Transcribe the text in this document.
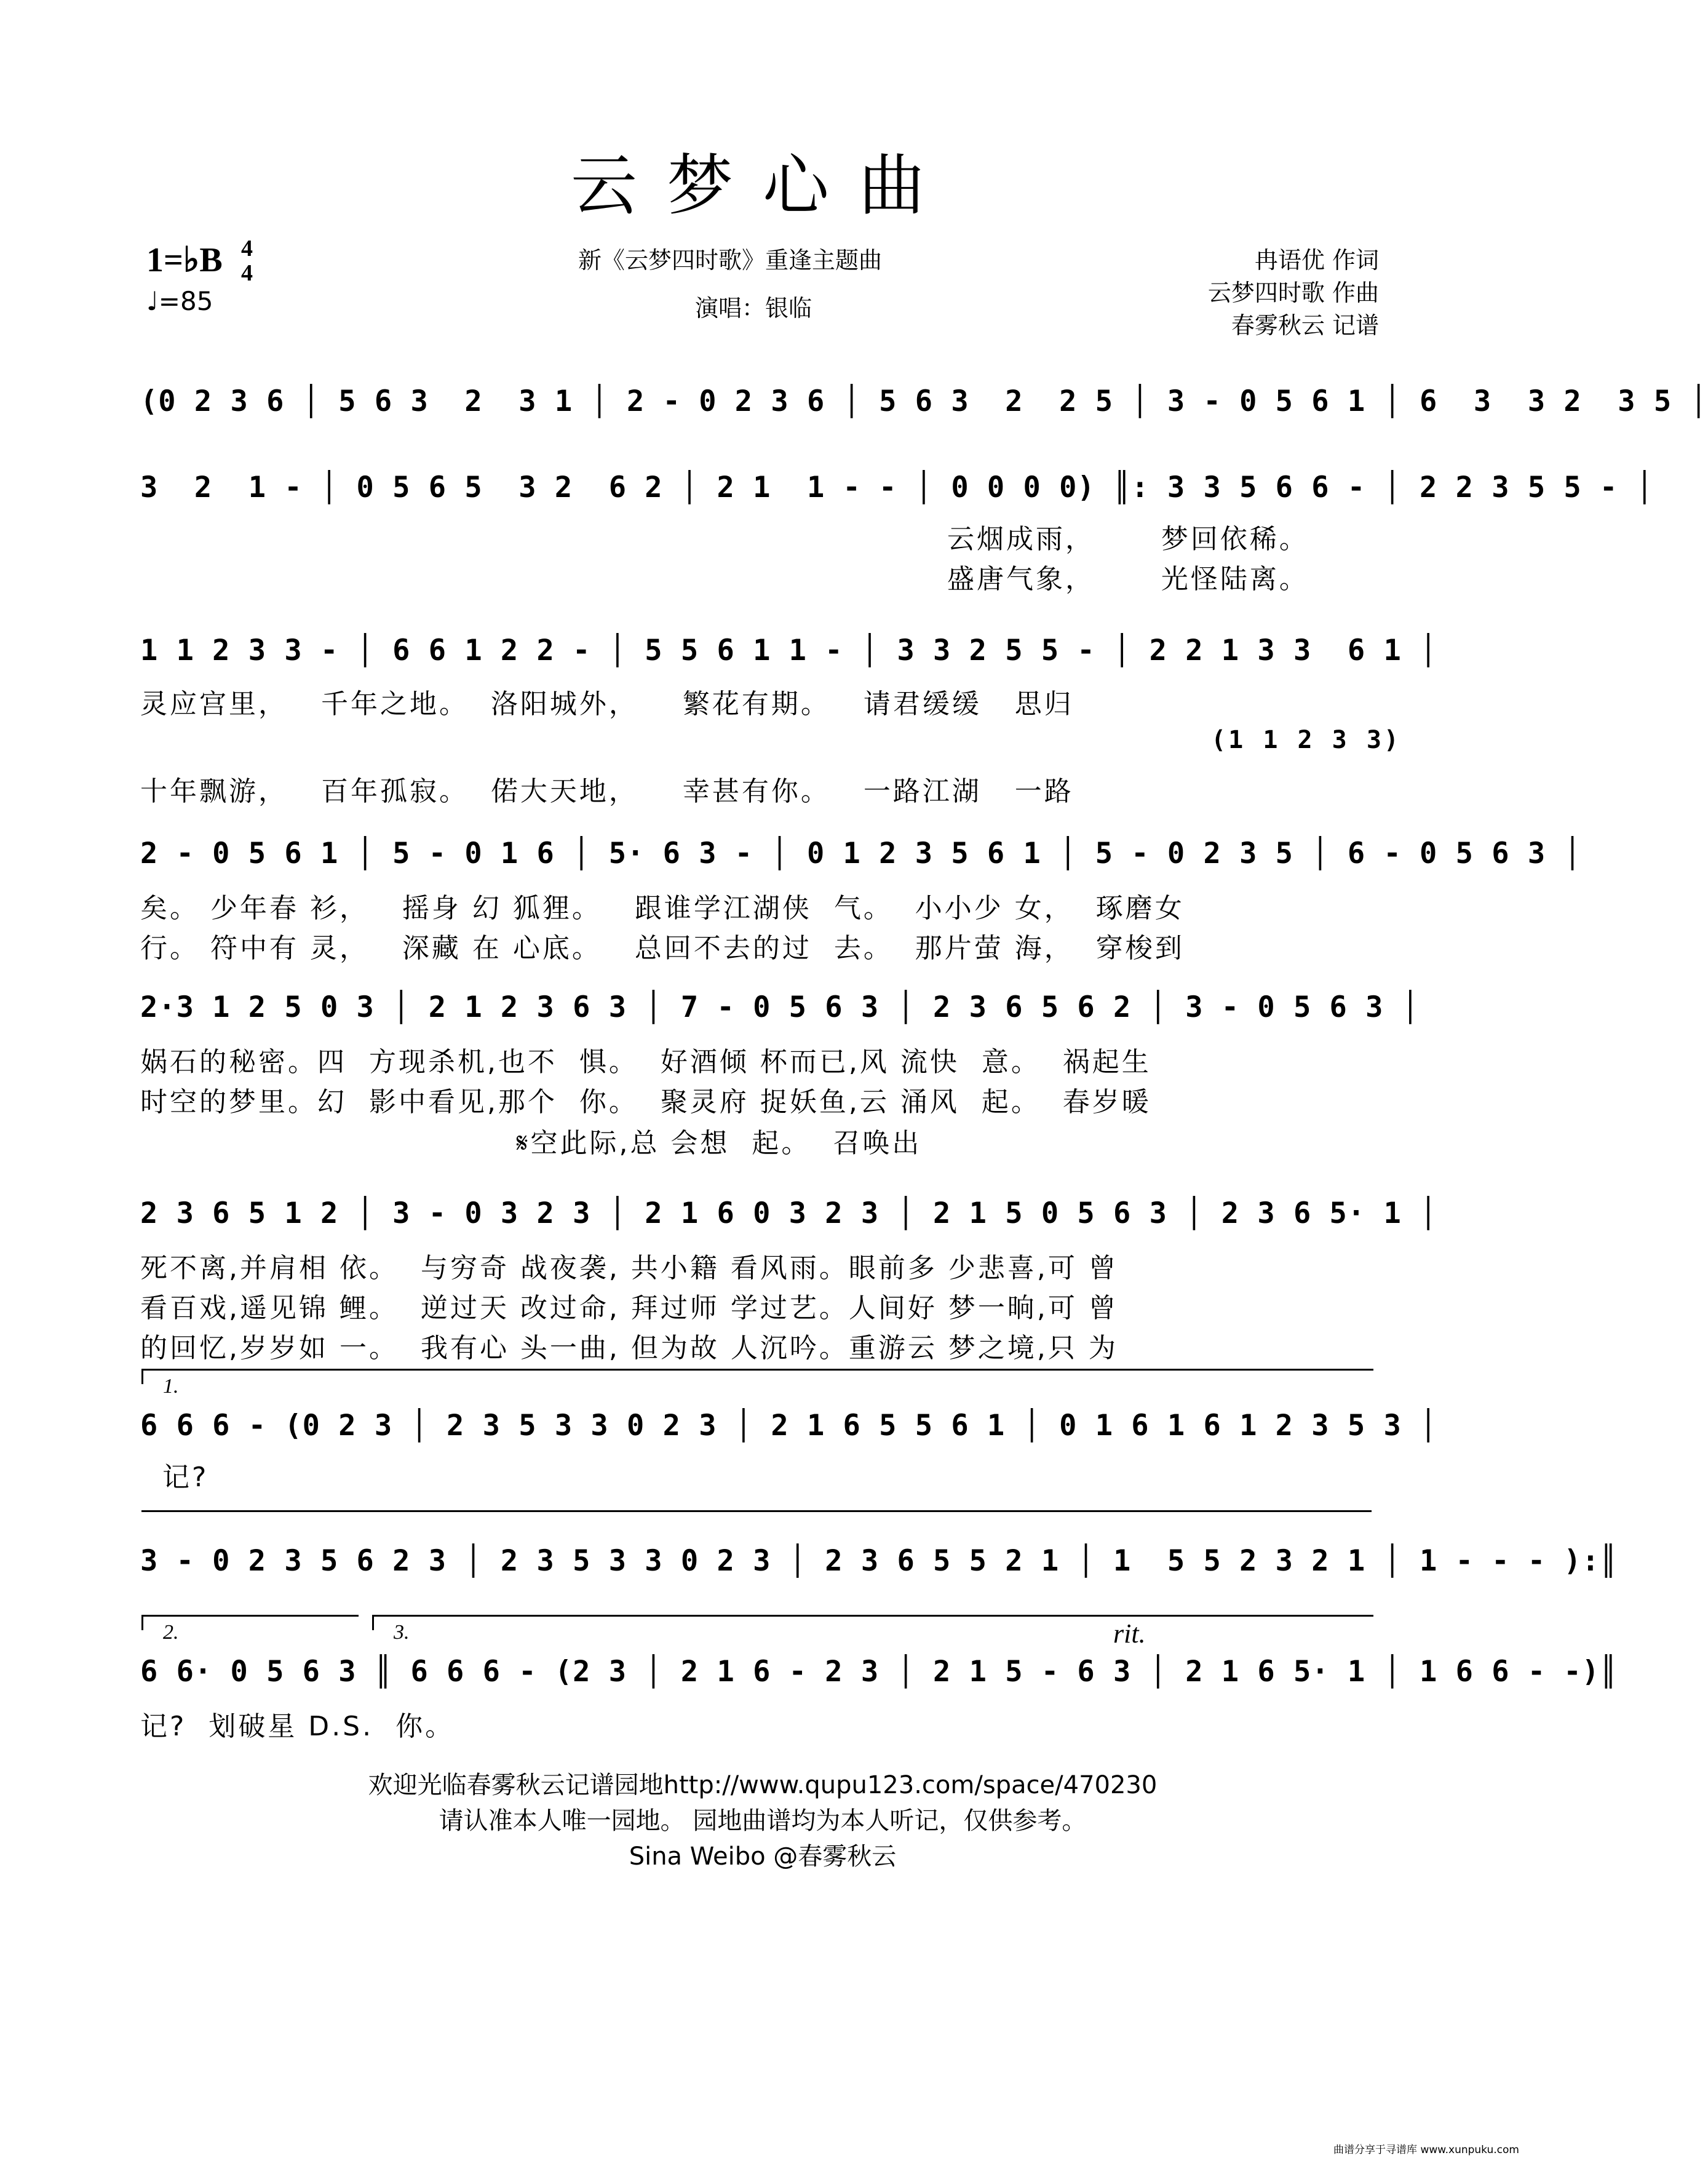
云梦心曲
1=♭B 4
4
♩=85
新《云梦四时歌》重逢主题曲
演唱：银临
冉语优 作词
云梦四时歌 作曲
春雾秋云 记谱
(0 2 3 6 │ 5 6 3  2  3 1 │ 2 - 0 2 3 6 │ 5 6 3  2  2 5 │ 3 - 0 5 6 1 │ 6  3  3 2  3 5 │
3  2  1 - │ 0 5 6 5  3 2  6 2 │ 2 1  1 - - │ 0 0 0 0) ║: 3 3 5 6 6 - │ 2 2 3 5 5 - │
云烟成雨，      梦回依稀。
盛唐气象，      光怪陆离。
1 1 2 3 3 - │ 6 6 1 2 2 - │ 5 5 6 1 1 - │ 3 3 2 5 5 - │ 2 2 1 3 3  6 1 │
灵应宫里，   千年之地。  洛阳城外，    繁花有期。   请君缓缓   思归
(1 1 2 3 3)
十年飘游，   百年孤寂。  偌大天地，    幸甚有你。   一路江湖   一路
2 - 0 5 6 1 │ 5 - 0 1 6 │ 5· 6 3 - │ 0 1 2 3 5 6 1 │ 5 - 0 2 3 5 │ 6 - 0 5 6 3 │
矣。 少年春 衫，   摇身 幻 狐狸。   跟谁学江湖侠  气。  小小少 女，  琢磨女
行。 符中有 灵，   深藏 在 心底。   总回不去的过  去。  那片萤 海，  穿梭到
2·3 1 2 5 0 3 │ 2 1 2 3 6 3 │ 7 - 0 5 6 3 │ 2 3 6 5 6 2 │ 3 - 0 5 6 3 │
娲石的秘密。四  方现杀机,也不  惧。  好酒倾 杯而已,风 流快  意。  祸起生
时空的梦里。幻  影中看见,那个  你。  聚灵府 捉妖鱼,云 涌风  起。  春岁暖
𝄋空此际,总 会想  起。  召唤出
2 3 6 5 1 2 │ 3 - 0 3 2 3 │ 2 1 6 0 3 2 3 │ 2 1 5 0 5 6 3 │ 2 3 6 5· 1 │
死不离,并肩相 依。  与穷奇 战夜袭, 共小籍 看风雨。眼前多 少悲喜,可 曾
看百戏,遥见锦 鲤。  逆过天 改过命, 拜过师 学过艺。人间好 梦一晌,可 曾
的回忆,岁岁如 一。  我有心 头一曲, 但为故 人沉吟。重游云 梦之境,只 为
1.
6 6 6 - (0 2 3 │ 2 3 5 3 3 0 2 3 │ 2 1 6 5 5 6 1 │ 0 1 6 1 6 1 2 3 5 3 │
记?
3 - 0 2 3 5 6 2 3 │ 2 3 5 3 3 0 2 3 │ 2 3 6 5 5 2 1 │ 1  5 5 2 3 2 1 │ 1 - - - ):║
2.	3.	rit.
6 6· 0 5 6 3 ║ 6 6 6 - (2 3 │ 2 1 6 - 2 3 │ 2 1 5 - 6 3 │ 2 1 6 5· 1 │ 1 6 6 - -)║
记?  划破星 D.S.  你。
欢迎光临春雾秋云记谱园地http://www.qupu123.com/space/470230
请认准本人唯一园地。 园地曲谱均为本人听记，仅供参考。
Sina Weibo @春雾秋云
曲谱分享于寻谱库 www.xunpuku.com
